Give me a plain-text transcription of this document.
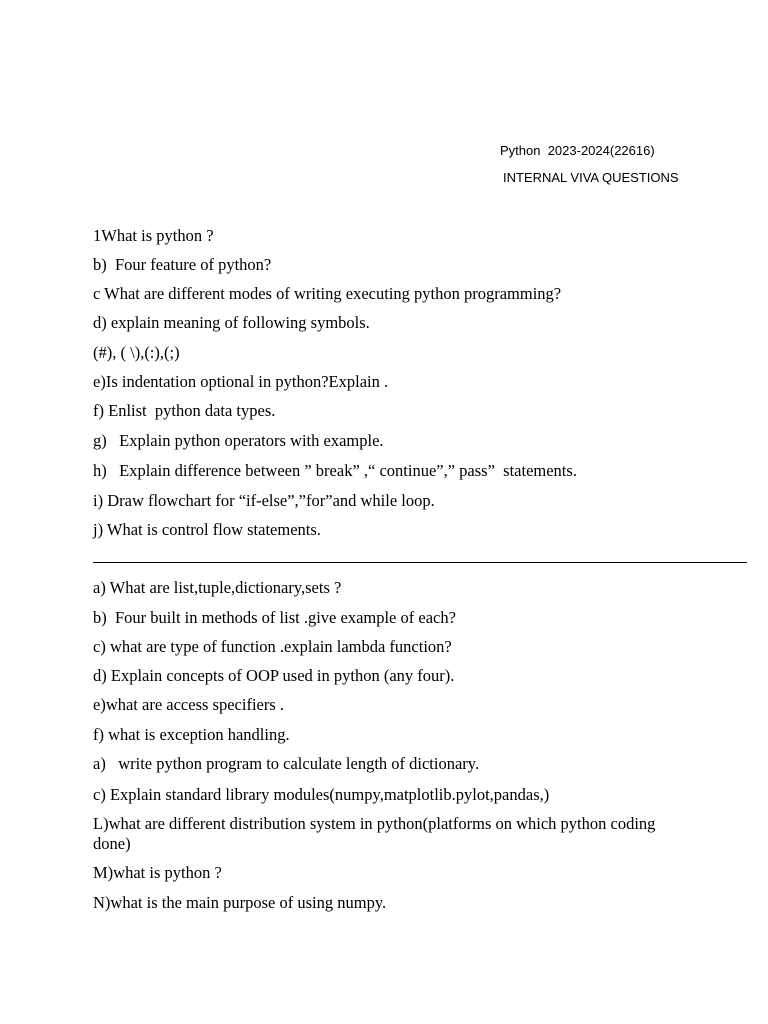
Python  2023-2024(22616)
INTERNAL VIVA QUESTIONS
1What is python ?
b)  Four feature of python?
c What are different modes of writing executing python programming?
d) explain meaning of following symbols.
(#), ( \),(:),(;)
e)Is indentation optional in python?Explain .
f) Enlist  python data types.
g)   Explain python operators with example.
h)   Explain difference between ” break” ,“ continue”,” pass”  statements.
i) Draw flowchart for “if-else”,”for”and while loop.
j) What is control flow statements.
a) What are list,tuple,dictionary,sets ?
b)  Four built in methods of list .give example of each?
c) what are type of function .explain lambda function?
d) Explain concepts of OOP used in python (any four).
e)what are access specifiers .
f) what is exception handling.
a)   write python program to calculate length of dictionary.
c) Explain standard library modules(numpy,matplotlib.pylot,pandas,)
L)what are different distribution system in python(platforms on which python coding done)
M)what is python ?
N)what is the main purpose of using numpy.
